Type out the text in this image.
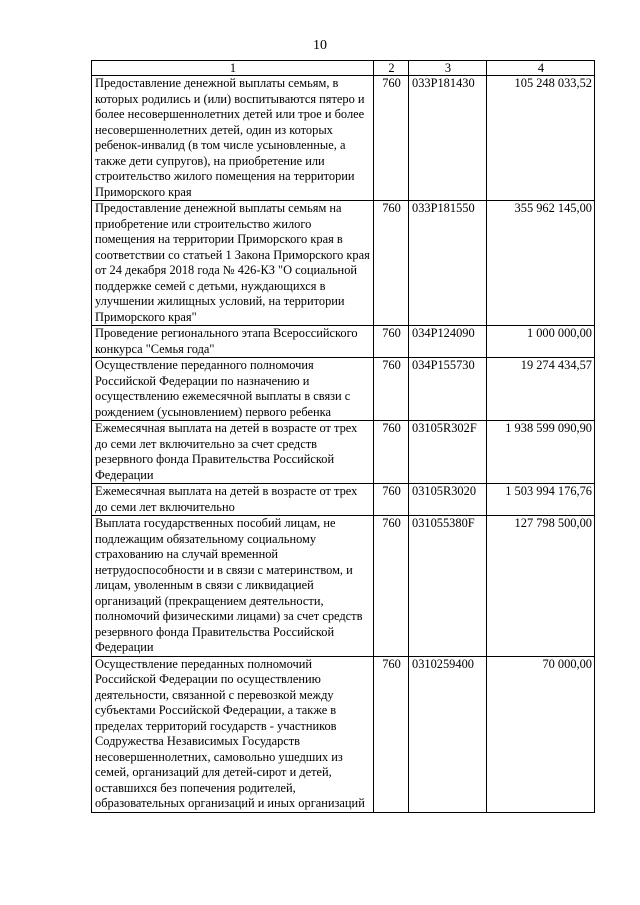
10
1	2	3	4
Предоставление денежной выплаты семьям, в которых родились и (или) воспитываются пятеро и более несовершеннолетних детей или трое и более несовершеннолетних детей, один из которых ребенок-инвалид (в том числе усыновленные, а также дети супругов), на приобретение или строительство жилого помещения на территории Приморского края	760	033Р181430	105 248 033,52
Предоставление денежной выплаты семьям на приобретение или строительство жилого помещения на территории Приморского края в соответствии со статьей 1 Закона Приморского края от 24 декабря 2018 года № 426-КЗ "О социальной поддержке семей с детьми, нуждающихся в улучшении жилищных условий, на территории Приморского края"	760	033Р181550	355 962 145,00
Проведение регионального этапа Всероссийского конкурса "Семья года"	760	034Р124090	1 000 000,00
Осуществление переданного полномочия Российской Федерации по назначению и осуществлению ежемесячной выплаты в связи с рождением (усыновлением) первого ребенка	760	034Р155730	19 274 434,57
Ежемесячная выплата на детей в возрасте от трех до семи лет включительно за счет средств резервного фонда Правительства Российской Федерации	760	03105R302F	1 938 599 090,90
Ежемесячная выплата на детей в возрасте от трех до семи лет включительно	760	03105R3020	1 503 994 176,76
Выплата государственных пособий лицам, не подлежащим обязательному социальному страхованию на случай временной нетрудоспособности и в связи с материнством, и лицам, уволенным в связи с ликвидацией организаций (прекращением деятельности, полномочий физическими лицами) за счет средств резервного фонда Правительства Российской Федерации	760	031055380F	127 798 500,00
Осуществление переданных полномочий Российской Федерации по осуществлению деятельности, связанной с перевозкой между субъектами Российской Федерации, а также в пределах территорий государств - участников Содружества Независимых Государств несовершеннолетних, самовольно ушедших из семей, организаций для детей-сирот и детей, оставшихся без попечения родителей, образовательных организаций и иных организаций	760	0310259400	70 000,00
